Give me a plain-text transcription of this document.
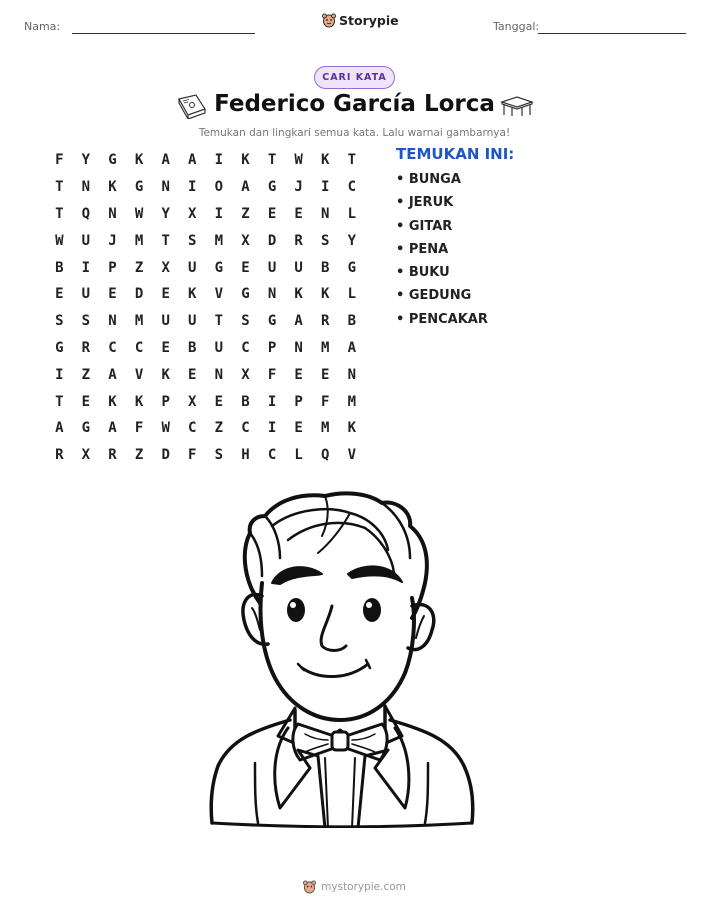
Nama:	Storypie	Tanggal:
CARI KATA
Federico García Lorca

Temukan dan lingkari semua kata. Lalu warnai gambarnya!

F	Y	G	K	A	A	I	K	T	W	K	T
T	N	K	G	N	I	O	A	G	J	I	C
T	Q	N	W	Y	X	I	Z	E	E	N	L
W	U	J	M	T	S	M	X	D	R	S	Y
B	I	P	Z	X	U	G	E	U	U	B	G
E	U	E	D	E	K	V	G	N	K	K	L
S	S	N	M	U	U	T	S	G	A	R	B
G	R	C	C	E	B	U	C	P	N	M	A
I	Z	A	V	K	E	N	X	F	E	E	N
T	E	K	K	P	X	E	B	I	P	F	M
A	G	A	F	W	C	Z	C	I	E	M	K
R	X	R	Z	D	F	S	H	C	L	Q	V
TEMUKAN INI:
• BUNGA
• JERUK
• GITAR
• PENA
• BUKU
• GEDUNG
• PENCAKAR
mystorypie.com
